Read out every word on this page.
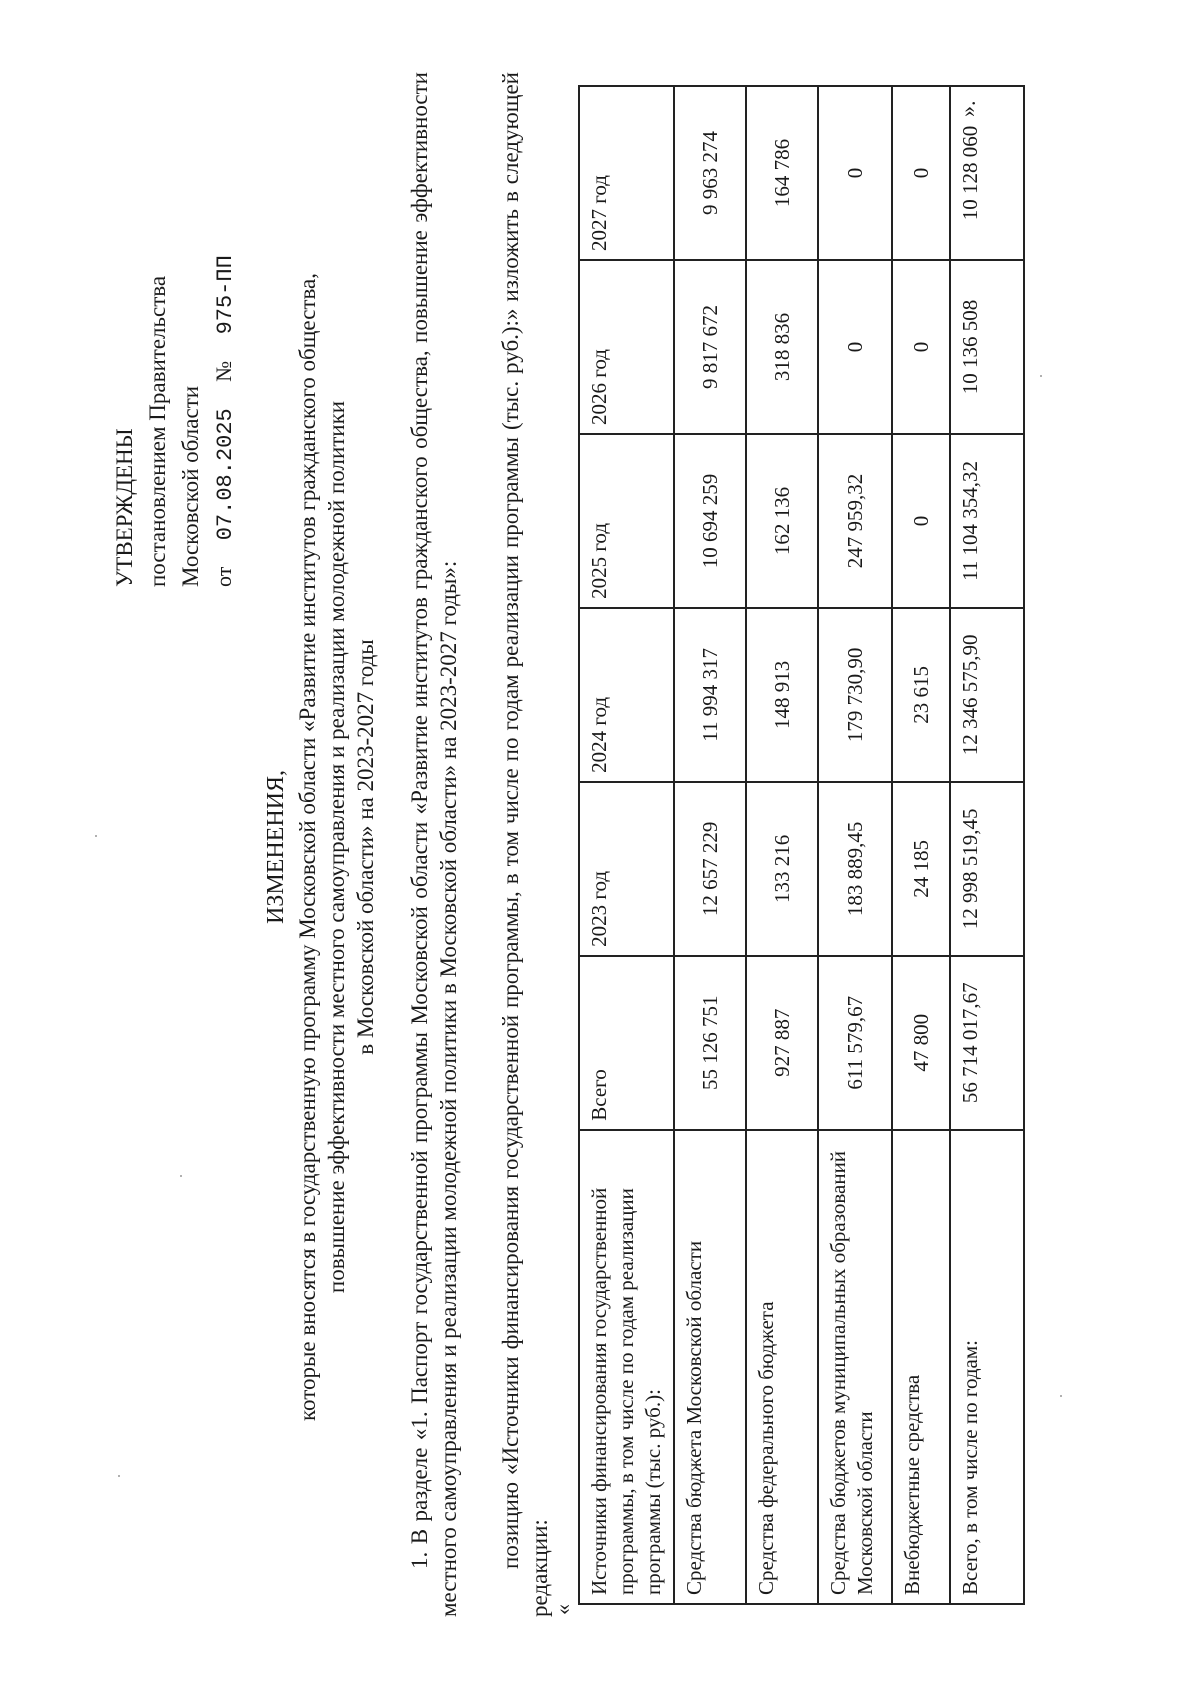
УТВЕРЖДЕНЫ постановлением Правительства Московской области от  07.08.2025  №  975-ПП
ИЗМЕНЕНИЯ, которые вносятся в государственную программу Московской области «Развитие институтов гражданского общества, повышение эффективности местного самоуправления и реализации молодежной политики в Московской области» на 2023-2027 годы 1. В разделе «1. Паспорт государственной программы Московской области «Развитие институтов гражданского общества, повышение эффективности местного самоуправления и реализации молодежной политики в Московской области» на 2023-2027 годы»: позицию «Источники финансирования государственной программы, в том числе по годам реализации программы (тыс. руб.):» изложить в следующей редакции:
«
Источники финансирования государственной программы, в том числе по годам реализации программы (тыс. руб.):	Всего	2023 год	2024 год	2025 год	2026 год	2027 год
Средства бюджета Московской области	55 126 751	12 657 229	11 994 317	10 694 259	9 817 672	9 963 274
Средства федерального бюджета	927 887	133 216	148 913	162 136	318 836	164 786
Средства бюджетов муниципальных образований Московской области	611 579,67	183 889,45	179 730,90	247 959,32	0	0
Внебюджетные средства	47 800	24 185	23 615	0	0	0
Всего, в том числе по годам:	56 714 017,67	12 998 519,45	12 346 575,90	11 104 354,32	10 136 508	10 128 060
».
